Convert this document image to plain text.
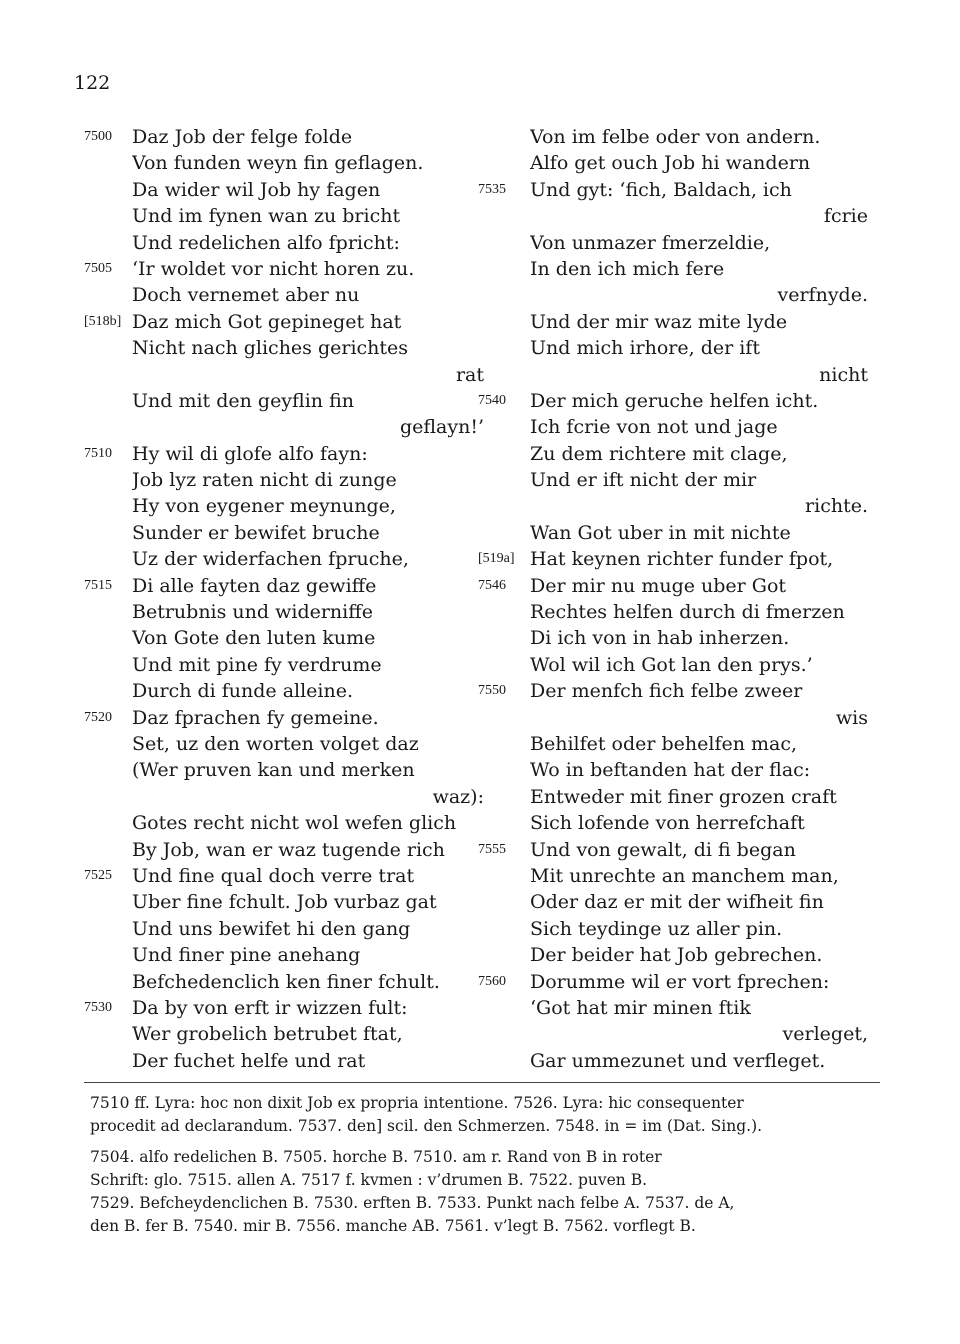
122
7500 Daz Job der felge folde
Von funden weyn fin geflagen.
Da wider wil Job hy fagen
Und im fynen wan zu bricht
Und redelichen alfo fpricht:
7505 ‘Ir woldet vor nicht horen zu.
Doch vernemet aber nu
[518b] Daz mich Got gepineget hat
Nicht nach gliches gerichtes
rat
Und mit den geyflin fin
geflayn!’
7510 Hy wil di glofe alfo fayn:
Job lyz raten nicht di zunge
Hy von eygener meynunge,
Sunder er bewifet bruche
Uz der widerfachen fpruche,
7515 Di alle fayten daz gewiffe
Betrubnis und widerniffe
Von Gote den luten kume
Und mit pine fy verdrume
Durch di funde alleine.
7520 Daz fprachen fy gemeine.
Set, uz den worten volget daz
(Wer pruven kan und merken
waz):
Gotes recht nicht wol wefen glich
By Job, wan er waz tugende rich
7525 Und fine qual doch verre trat
Uber fine fchult. Job vurbaz gat
Und uns bewifet hi den gang
Und finer pine anehang
Befchedenclich ken finer fchult.
7530 Da by von erft ir wizzen fult:
Wer grobelich betrubet ftat,
Der fuchet helfe und rat
Von im felbe oder von andern.
Alfo get ouch Job hi wandern
7535 Und gyt: ‘fich, Baldach, ich
fcrie
Von unmazer fmerzeldie,
In den ich mich fere
verfnyde.
Und der mir waz mite lyde
Und mich irhore, der ift
nicht
7540 Der mich geruche helfen icht.
Ich fcrie von not und jage
Zu dem richtere mit clage,
Und er ift nicht der mir
richte.
Wan Got uber in mit nichte
[519a] Hat keynen richter funder fpot,
7546 Der mir nu muge uber Got
Rechtes helfen durch di fmerzen
Di ich von in hab inherzen.
Wol wil ich Got lan den prys.’
7550 Der menfch fich felbe zweer
wis
Behilfet oder behelfen mac,
Wo in beftanden hat der flac:
Entweder mit finer grozen craft
Sich lofende von herrefchaft
7555 Und von gewalt, di fi began
Mit unrechte an manchem man,
Oder daz er mit der wifheit fin
Sich teydinge uz aller pin.
Der beider hat Job gebrechen.
7560 Dorumme wil er vort fprechen:
‘Got hat mir minen ftik
verleget,
Gar ummezunet und verfleget.
7510 ff. Lyra: hoc non dixit Job ex propria intentione. 7526. Lyra: hic consequenter
procedit ad declarandum. 7537. den] scil. den Schmerzen. 7548. in = im (Dat. Sing.).
7504. alfo redelichen B. 7505. horche B. 7510. am r. Rand von B in roter
Schrift: glo. 7515. allen A. 7517 f. kvmen : v’drumen B. 7522. puven B.
7529. Befcheydenclichen B. 7530. erften B. 7533. Punkt nach felbe A. 7537. de A,
den B. fer B. 7540. mir B. 7556. manche AB. 7561. v’legt B. 7562. vorflegt B.
